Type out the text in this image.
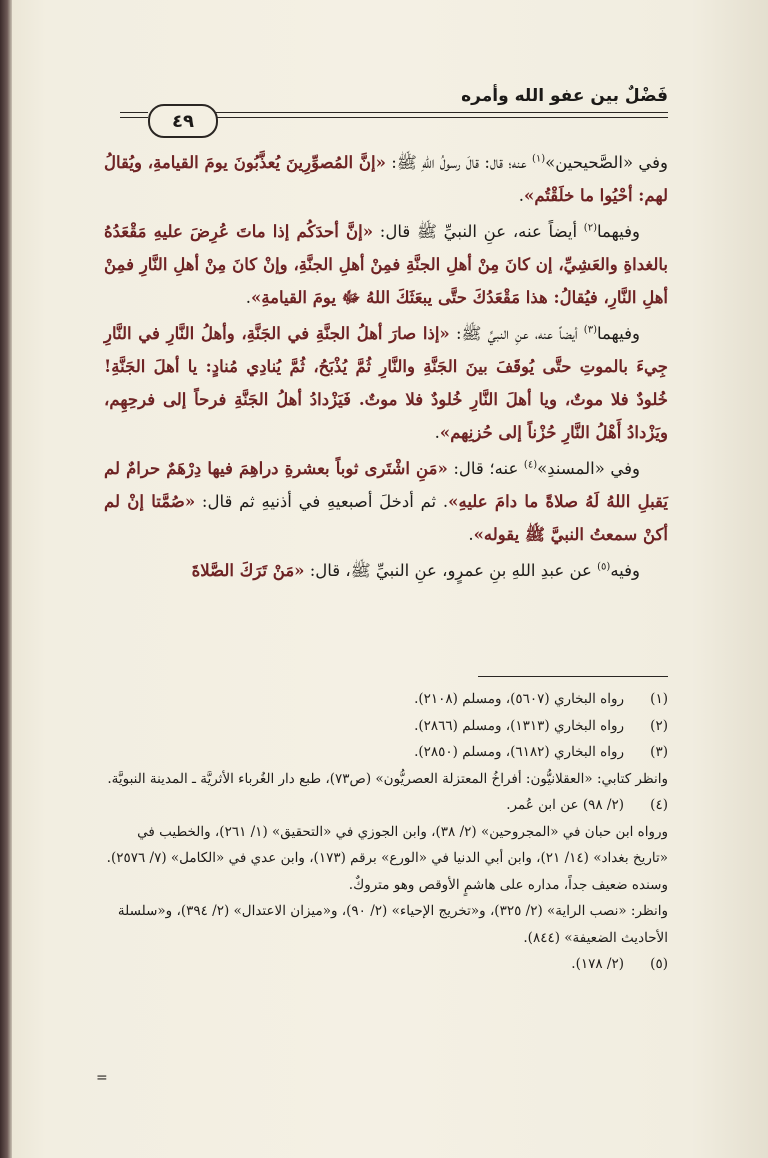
فَضْلٌ بين عفو الله وأمره
٤٩

وفي «الصَّحيحين»$^{(١)}$ عنه؛ قال: قالَ رسولُ اللهِ ﷺ: «إنَّ المُصوِّرِينَ يُعذَّبُونَ يومَ القيامةِ، ويُقالُ لهم: أحْيُوا ما خلَقْتُم».

وفيهما$^{(٢)}$ أيضاً عنه، عنِ النبيِّ ﷺ قال: «إنَّ أحدَكُم إذا ماتَ عُرِضَ عليهِ مَقْعَدُهُ بالغداةِ والعَشِيِّ، إن كانَ مِنْ أهلِ الجنَّةِ فمِنْ أهلِ الجنَّةِ، وإنْ كانَ مِنْ أهلِ النَّارِ فمِنْ أهلِ النَّارِ، فيُقالُ: هذا مَقْعَدُكَ حتَّى يبعَثَكَ اللهُ ﷻ يومَ القيامةِ».

وفيهما$^{(٣)}$ أيضاً عنه، عنِ النبيِّ ﷺ: «إذا صارَ أهلُ الجنَّةِ في الجَنَّةِ، وأهلُ النَّارِ في النَّارِ جِيءَ بالموتِ حتَّى يُوقَفَ بينَ الجَنَّةِ والنَّارِ ثُمَّ يُذْبَحُ، ثُمَّ يُنادِي مُنادٍ: يا أهلَ الجَنَّةِ! خُلودٌ فلا موتٌ، ويا أهلَ النَّارِ خُلودٌ فلا موتٌ. فَيَزْدادُ أهلُ الجَنَّةِ فرحاً إلى فرحِهِم، ويَزْدادُ أَهْلُ النَّارِ حُزْناً إلى حُزنِهم».

وفي «المسندِ»$^{(٤)}$ عنه؛ قال: «مَنِ اشْتَرى ثوباً بعشرةِ دراهِمَ فيها دِرْهَمٌ حرامٌ لم يَقبلِ اللهُ لَهُ صلاةً ما دامَ عليهِ». ثم أدخلَ أصبعيهِ في أذنيهِ ثم قال: «صُمَّتا إنْ لم أكنْ سمعتُ النبيَّ ﷺ يقوله».

وفيه$^{(٥)}$ عن عبدِ اللهِ بنِ عمرٍو، عنِ النبيِّ ﷺ، قال: «مَنْ تَرَكَ الصَّلاةَ

(١)
رواه البخاري (٥٦٠٧)، ومسلم (٢١٠٨).
(٢)
رواه البخاري (١٣١٣)، ومسلم (٢٨٦٦).
(٣)
رواه البخاري (٦١٨٢)، ومسلم (٢٨٥٠).

وانظر كتابي: «العقلانيُّون: أفراخُ المعتزلة العصريُّون» (ص٧٣)، طبع دار الغُرباء الأثريَّة ـ المدينة النبويَّة.

(٤)
(٢/ ٩٨) عن ابن عُمر.

ورواه ابن حبان في «المجروحين» (٢/ ٣٨)، وابن الجوزي في «التحقيق» (١/ ٢٦١)، والخطيب في «تاريخ بغداد» (١٤/ ٢١)، وابن أبي الدنيا في «الورع» برقم (١٧٣)، وابن عدي في «الكامل» (٧/ ٢٥٧٦).

وسنده ضعيف جداً، مداره على هاشمٍ الأوقص وهو متروكٌ.

وانظر: «نصب الراية» (٢/ ٣٢٥)، و«تخريج الإحياء» (٢/ ٩٠)، و«ميزان الاعتدال» (٢/ ٣٩٤)، و«سلسلة الأحاديث الضعيفة» (٨٤٤).

(٥)
(٢/ ١٧٨).
=
